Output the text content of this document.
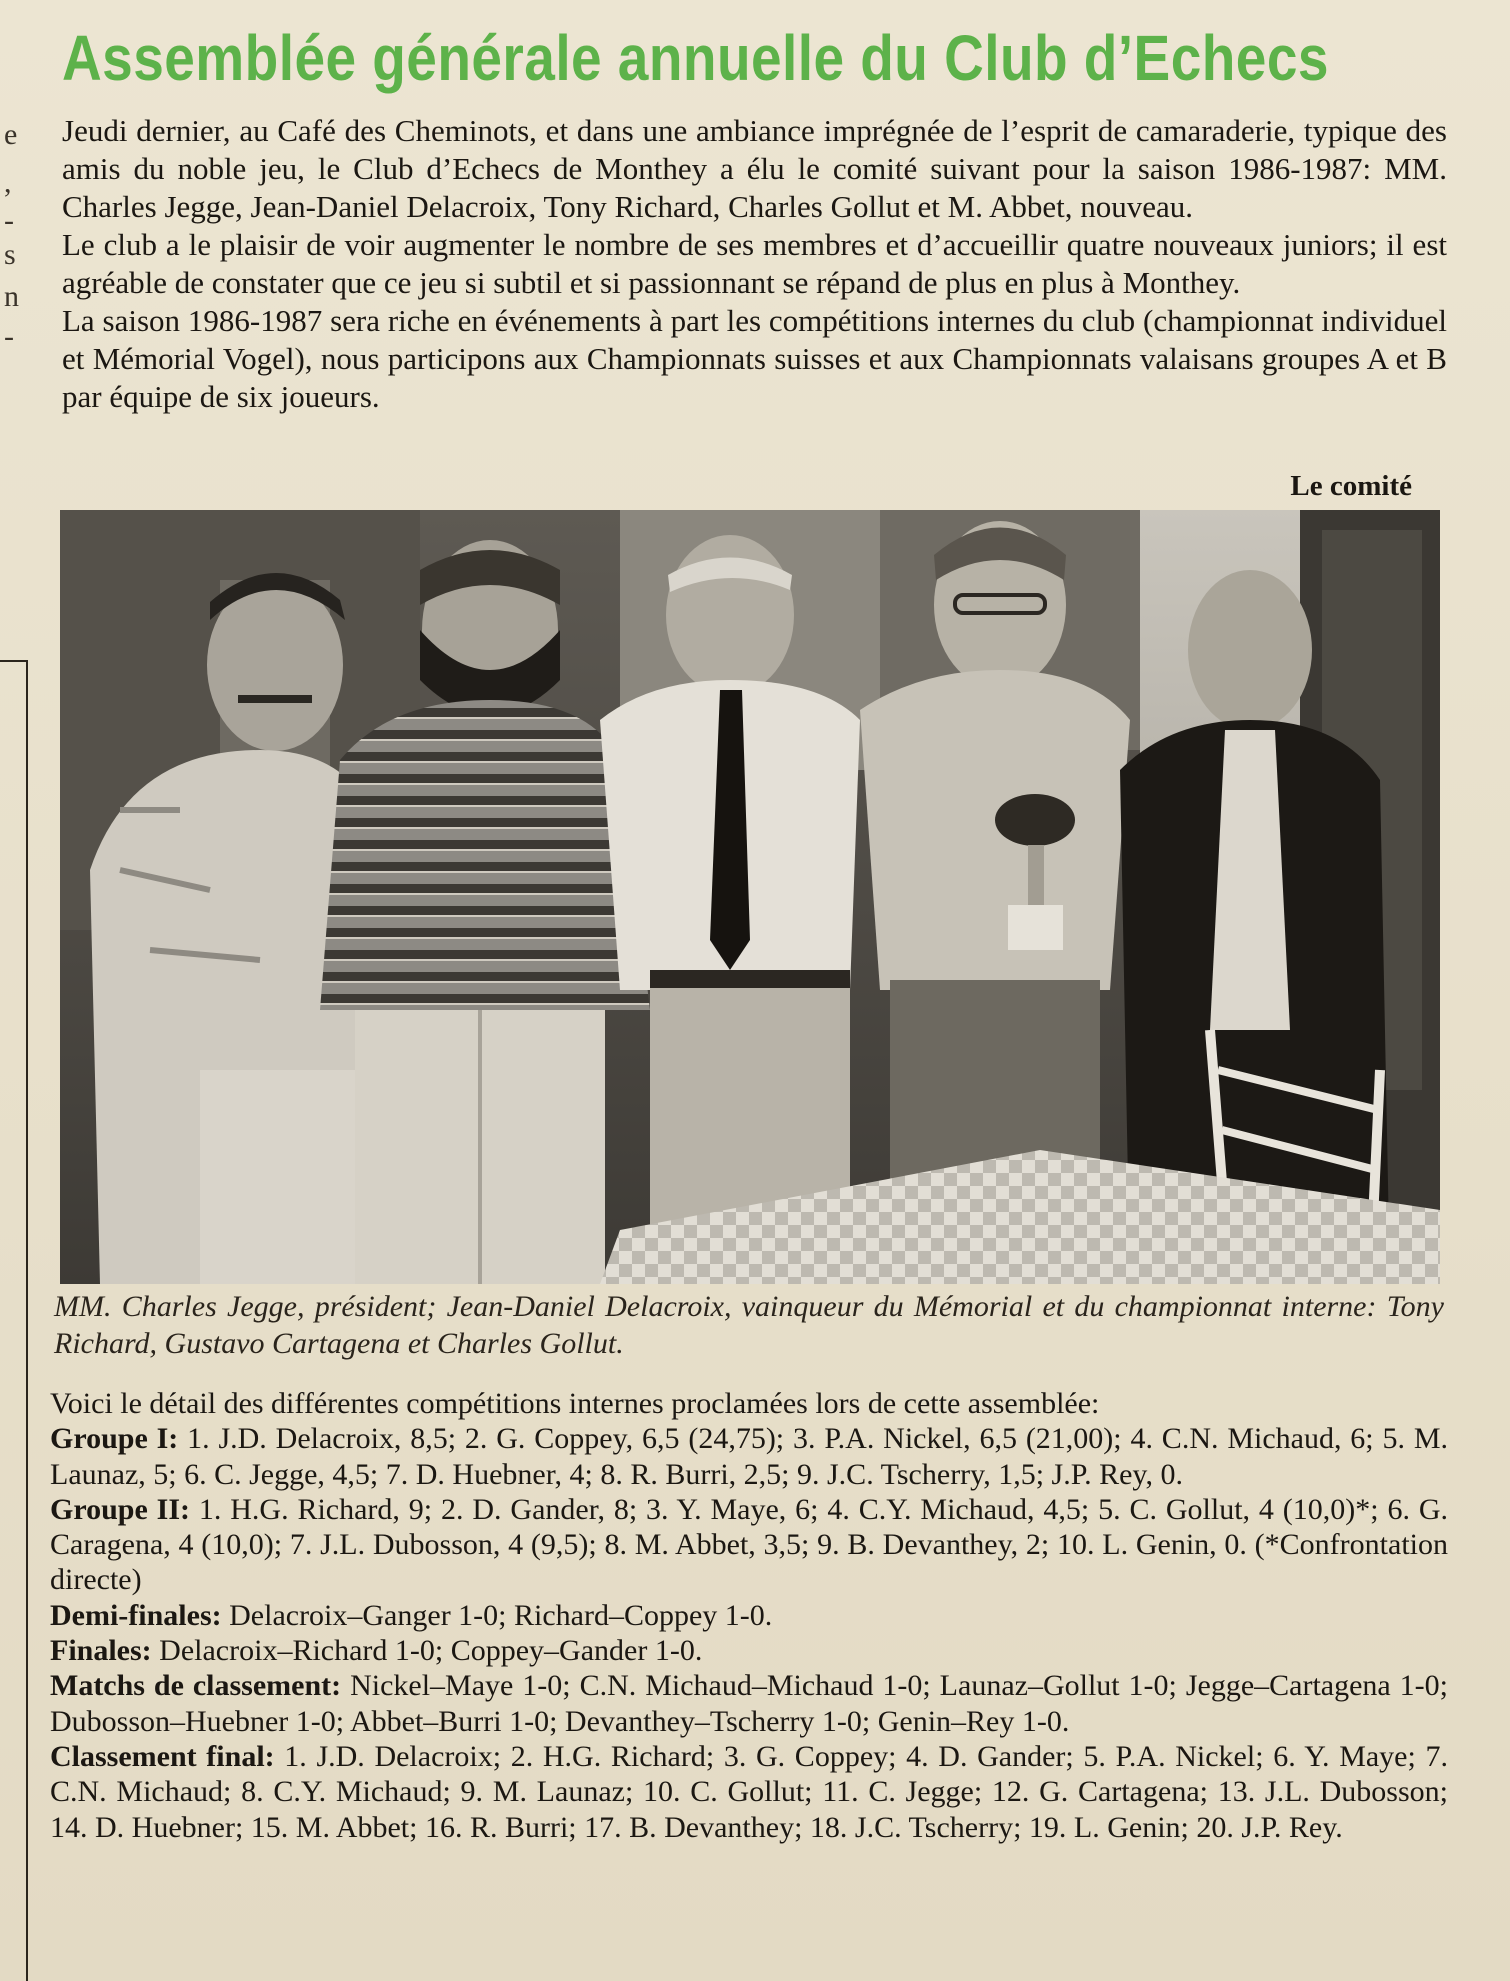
e
,
-
s
n
-
Assemblée générale annuelle du Club d’Echecs

Jeudi dernier, au Café des Cheminots, et dans une ambiance imprégnée de l’esprit de camaraderie, typique des amis du noble jeu, le Club d’Echecs de Monthey a élu le comité suivant pour la saison 1986-1987: MM. Charles Jegge, Jean-Daniel Delacroix, Tony Richard, Charles Gollut et M. Abbet, nouveau.

Le club a le plaisir de voir augmenter le nombre de ses membres et d’accueillir quatre nouveaux juniors; il est agréable de constater que ce jeu si subtil et si passionnant se répand de plus en plus à Monthey.

La saison 1986-1987 sera riche en événements à part les compétitions internes du club (championnat individuel et Mémorial Vogel), nous participons aux Championnats suisses et aux Championnats valaisans groupes A et B par équipe de six joueurs.

Le comité
MM. Charles Jegge, président; Jean-Daniel Delacroix, vainqueur du Mémorial et du championnat interne: Tony Richard, Gustavo Cartagena et Charles Gollut.

Voici le détail des différentes compétitions internes proclamées lors de cette assemblée:

Groupe I: 1. J.D. Delacroix, 8,5; 2. G. Coppey, 6,5 (24,75); 3. P.A. Nickel, 6,5 (21,00); 4. C.N. Michaud, 6; 5. M. Launaz, 5; 6. C. Jegge, 4,5; 7. D. Huebner, 4; 8. R. Burri, 2,5; 9. J.C. Tscherry, 1,5; J.P. Rey, 0.

Groupe II: 1. H.G. Richard, 9; 2. D. Gander, 8; 3. Y. Maye, 6; 4. C.Y. Michaud, 4,5; 5. C. Gollut, 4 (10,0)*; 6. G. Caragena, 4 (10,0); 7. J.L. Dubosson, 4 (9,5); 8. M. Abbet, 3,5; 9. B. Devanthey, 2; 10. L. Genin, 0. (*Confrontation directe)

Demi-finales: Delacroix–Ganger 1-0; Richard–Coppey 1-0.

Finales: Delacroix–Richard 1-0; Coppey–Gander 1-0.

Matchs de classement: Nickel–Maye 1-0; C.N. Michaud–Michaud 1-0; Launaz–Gollut 1-0; Jegge–Cartagena 1-0; Dubosson–Huebner 1-0; Abbet–Burri 1-0; Devanthey–Tscherry 1-0; Genin–Rey 1-0.

Classement final: 1. J.D. Delacroix; 2. H.G. Richard; 3. G. Coppey; 4. D. Gander; 5. P.A. Nickel; 6. Y. Maye; 7. C.N. Michaud; 8. C.Y. Michaud; 9. M. Launaz; 10. C. Gollut; 11. C. Jegge; 12. G. Cartagena; 13. J.L. Dubosson; 14. D. Huebner; 15. M. Abbet; 16. R. Burri; 17. B. Devanthey; 18. J.C. Tscherry; 19. L. Genin; 20. J.P. Rey.
